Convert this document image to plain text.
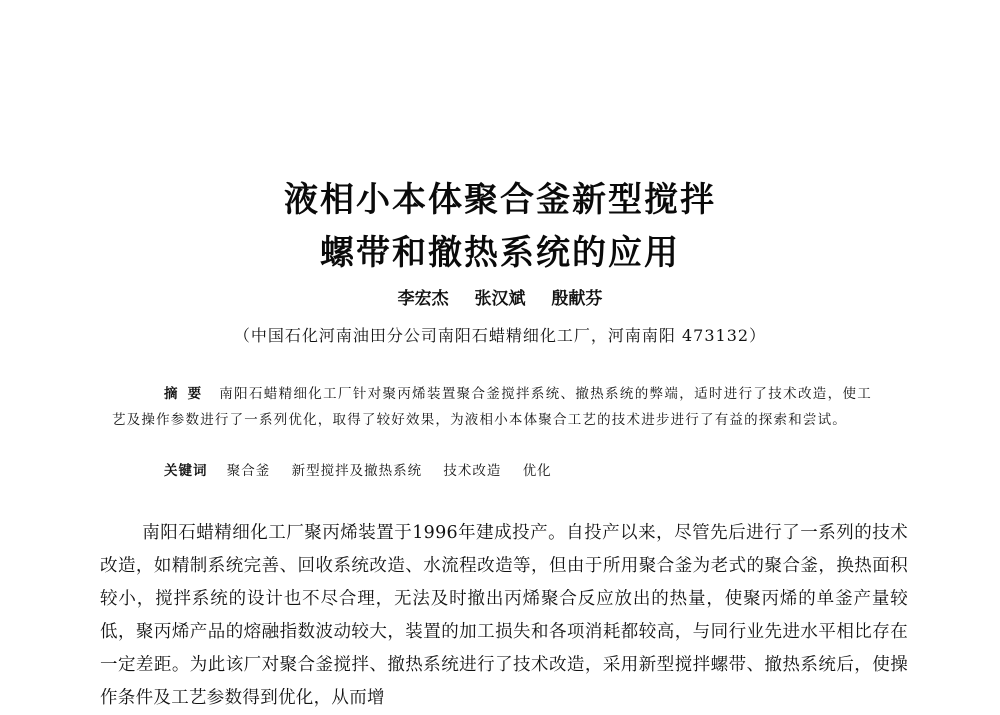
液相小本体聚合釜新型搅拌
螺带和撤热系统的应用
李宏杰 张汉斌 殷献芬
（中国石化河南油田分公司南阳石蜡精细化工厂，河南南阳 473132）
摘要 南阳石蜡精细化工厂针对聚丙烯装置聚合釜搅拌系统、撤热系统的弊端，适时进行了技术改造，使工艺及操作参数进行了一系列优化，取得了较好效果，为液相小本体聚合工艺的技术进步进行了有益的探索和尝试。
关键词 聚合釜 新型搅拌及撤热系统 技术改造 优化
南阳石蜡精细化工厂聚丙烯装置于1996年建成投产。自投产以来，尽管先后进行了一系列的技术改造，如精制系统完善、回收系统改造、水流程改造等，但由于所用聚合釜为老式的聚合釜，换热面积较小，搅拌系统的设计也不尽合理，无法及时撤出丙烯聚合反应放出的热量，使聚丙烯的单釜产量较低，聚丙烯产品的熔融指数波动较大，装置的加工损失和各项消耗都较高，与同行业先进水平相比存在一定差距。为此该厂对聚合釜搅拌、撤热系统进行了技术改造，采用新型搅拌螺带、撤热系统后，使操作条件及工艺参数得到优化，从而增
